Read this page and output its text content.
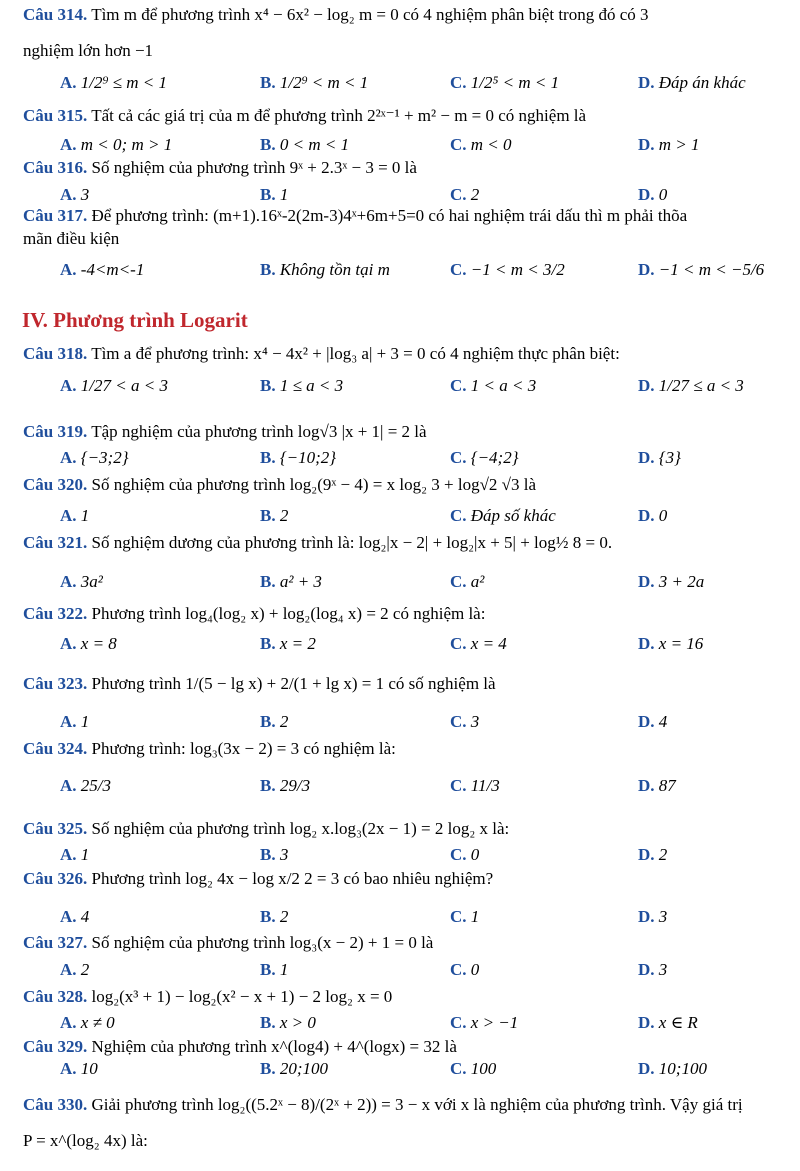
IV. Phương trình Logarit
Câu 314. Tìm m để phương trình x⁴ − 6x² − log₂ m = 0 có 4 nghiệm phân biệt trong đó có 3
nghiệm lớn hơn −1
A. 1/2⁹ ≤ m < 1	B. 1/2⁹ < m < 1	C. 1/2⁵ < m < 1	D. Đáp án khác
Câu 315. Tất cả các giá trị của m để phương trình 2²ˣ⁻¹ + m² − m = 0 có nghiệm là
A. m < 0; m > 1	B. 0 < m < 1	C. m < 0	D. m > 1
Câu 316. Số nghiệm của phương trình 9ˣ + 2.3ˣ − 3 = 0 là
A. 3	B. 1	C. 2	D. 0
Câu 317. Để phương trình: (m+1).16ˣ-2(2m-3)4ˣ+6m+5=0 có hai nghiệm trái dấu thì m phải thõa
mãn điều kiện
A. -4<m<-1	B. Không tồn tại m	C. −1 < m < 3/2	D. −1 < m < −5/6
Câu 318. Tìm a để phương trình: x⁴ − 4x² + |log₃ a| + 3 = 0 có 4 nghiệm thực phân biệt:
A. 1/27 < a < 3	B. 1 ≤ a < 3	C. 1 < a < 3	D. 1/27 ≤ a < 3
Câu 319. Tập nghiệm của phương trình log√3 |x + 1| = 2 là
A. {−3;2}	B. {−10;2}	C. {−4;2}	D. {3}
Câu 320. Số nghiệm của phương trình log₂(9ˣ − 4) = x log₂ 3 + log√2 √3 là
A. 1	B. 2	C. Đáp số khác	D. 0
Câu 321. Số nghiệm dương của phương trình là: log₂|x − 2| + log₂|x + 5| + log½ 8 = 0.
A. 3a²	B. a² + 3	C. a²	D. 3 + 2a
Câu 322. Phương trình log₄(log₂ x) + log₂(log₄ x) = 2 có nghiệm là:
A. x = 8	B. x = 2	C. x = 4	D. x = 16
Câu 323. Phương trình 1/(5 − lg x) + 2/(1 + lg x) = 1 có số nghiệm là
A. 1	B. 2	C. 3	D. 4
Câu 324. Phương trình: log₃(3x − 2) = 3 có nghiệm là:
A. 25/3	B. 29/3	C. 11/3	D. 87
Câu 325. Số nghiệm của phương trình log₂ x.log₃(2x − 1) = 2 log₂ x là:
A. 1	B. 3	C. 0	D. 2
Câu 326. Phương trình log₂ 4x − log x/2 2 = 3 có bao nhiêu nghiệm?
A. 4	B. 2	C. 1	D. 3
Câu 327. Số nghiệm của phương trình log₃(x − 2) + 1 = 0 là
A. 2	B. 1	C. 0	D. 3
Câu 328. log₂(x³ + 1) − log₂(x² − x + 1) − 2 log₂ x = 0
A. x ≠ 0	B. x > 0	C. x > −1	D. x ∈ R
Câu 329. Nghiệm của phương trình x^(log4) + 4^(logx) = 32 là
A. 10	B. 20;100	C. 100	D. 10;100
Câu 330. Giải phương trình log₂((5.2ˣ − 8)/(2ˣ + 2)) = 3 − x với x là nghiệm của phương trình. Vậy giá trị
P = x^(log₂ 4x) là:
